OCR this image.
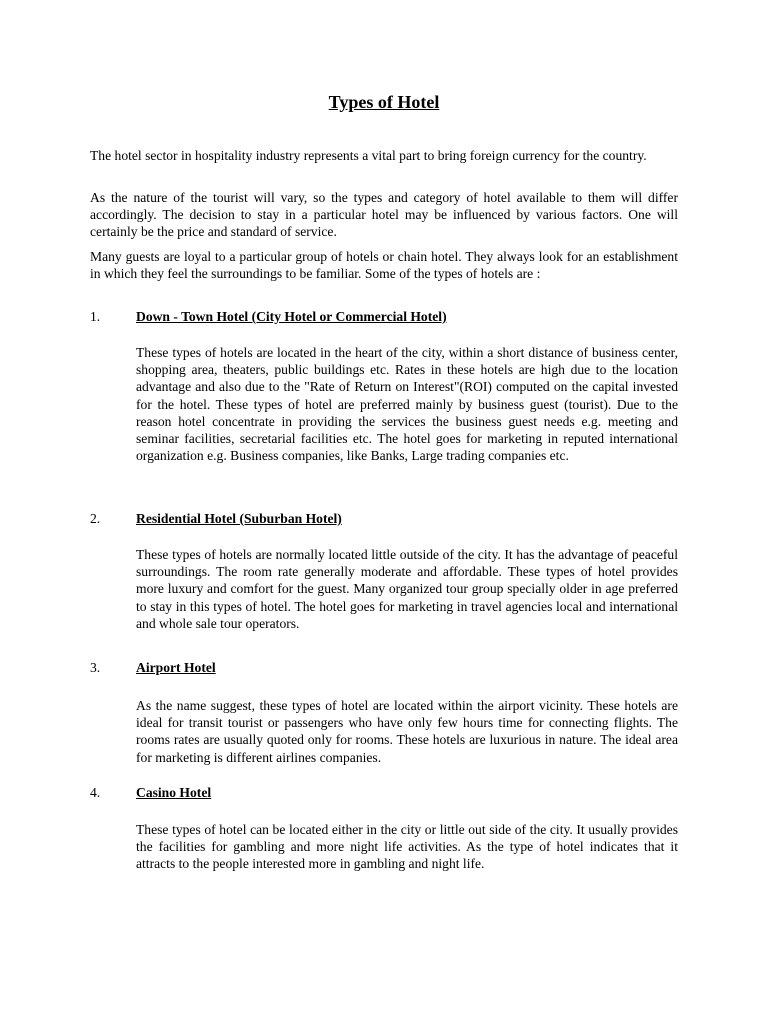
Types of Hotel

The hotel sector in hospitality industry represents a vital part to bring foreign currency for the country.

As the nature of the tourist will vary, so the types and category of hotel available to them will differ accordingly. The decision to stay in a particular hotel may be influenced by various factors. One will certainly be the price and standard of service.

Many guests are loyal to a particular group of hotels or chain hotel. They always look for an establishment in which they feel the surroundings to be familiar. Some of the types of hotels are :

1.	Down - Town Hotel (City Hotel or Commercial Hotel)

These types of hotels are located in the heart of the city, within a short distance of business center, shopping area, theaters, public buildings etc. Rates in these hotels are high due to the location advantage and also due to the "Rate of Return on Interest"(ROI) computed on the capital invested for the hotel. These types of hotel are preferred mainly by business guest (tourist). Due to the reason hotel concentrate in providing the services the business guest needs e.g. meeting and seminar facilities, secretarial facilities etc. The hotel goes for marketing in reputed international organization e.g. Business companies, like Banks, Large trading companies etc.

2.	Residential Hotel (Suburban Hotel)

These types of hotels are normally located little outside of the city. It has the advantage of peaceful surroundings. The room rate generally moderate and affordable. These types of hotel provides more luxury and comfort for the guest. Many organized tour group specially older in age preferred to stay in this types of hotel. The hotel goes for marketing in travel agencies local and international and whole sale tour operators.

3.	Airport Hotel

As the name suggest, these types of hotel are located within the airport vicinity. These hotels are ideal for transit tourist or passengers who have only few hours time for connecting flights. The rooms rates are usually quoted only for rooms. These hotels are luxurious in nature. The ideal area for marketing is different airlines companies.

4.	Casino Hotel

These types of hotel can be located either in the city or little out side of the city. It usually provides the facilities for gambling and more night life activities. As the type of hotel indicates that it attracts to the people interested more in gambling and night life.
